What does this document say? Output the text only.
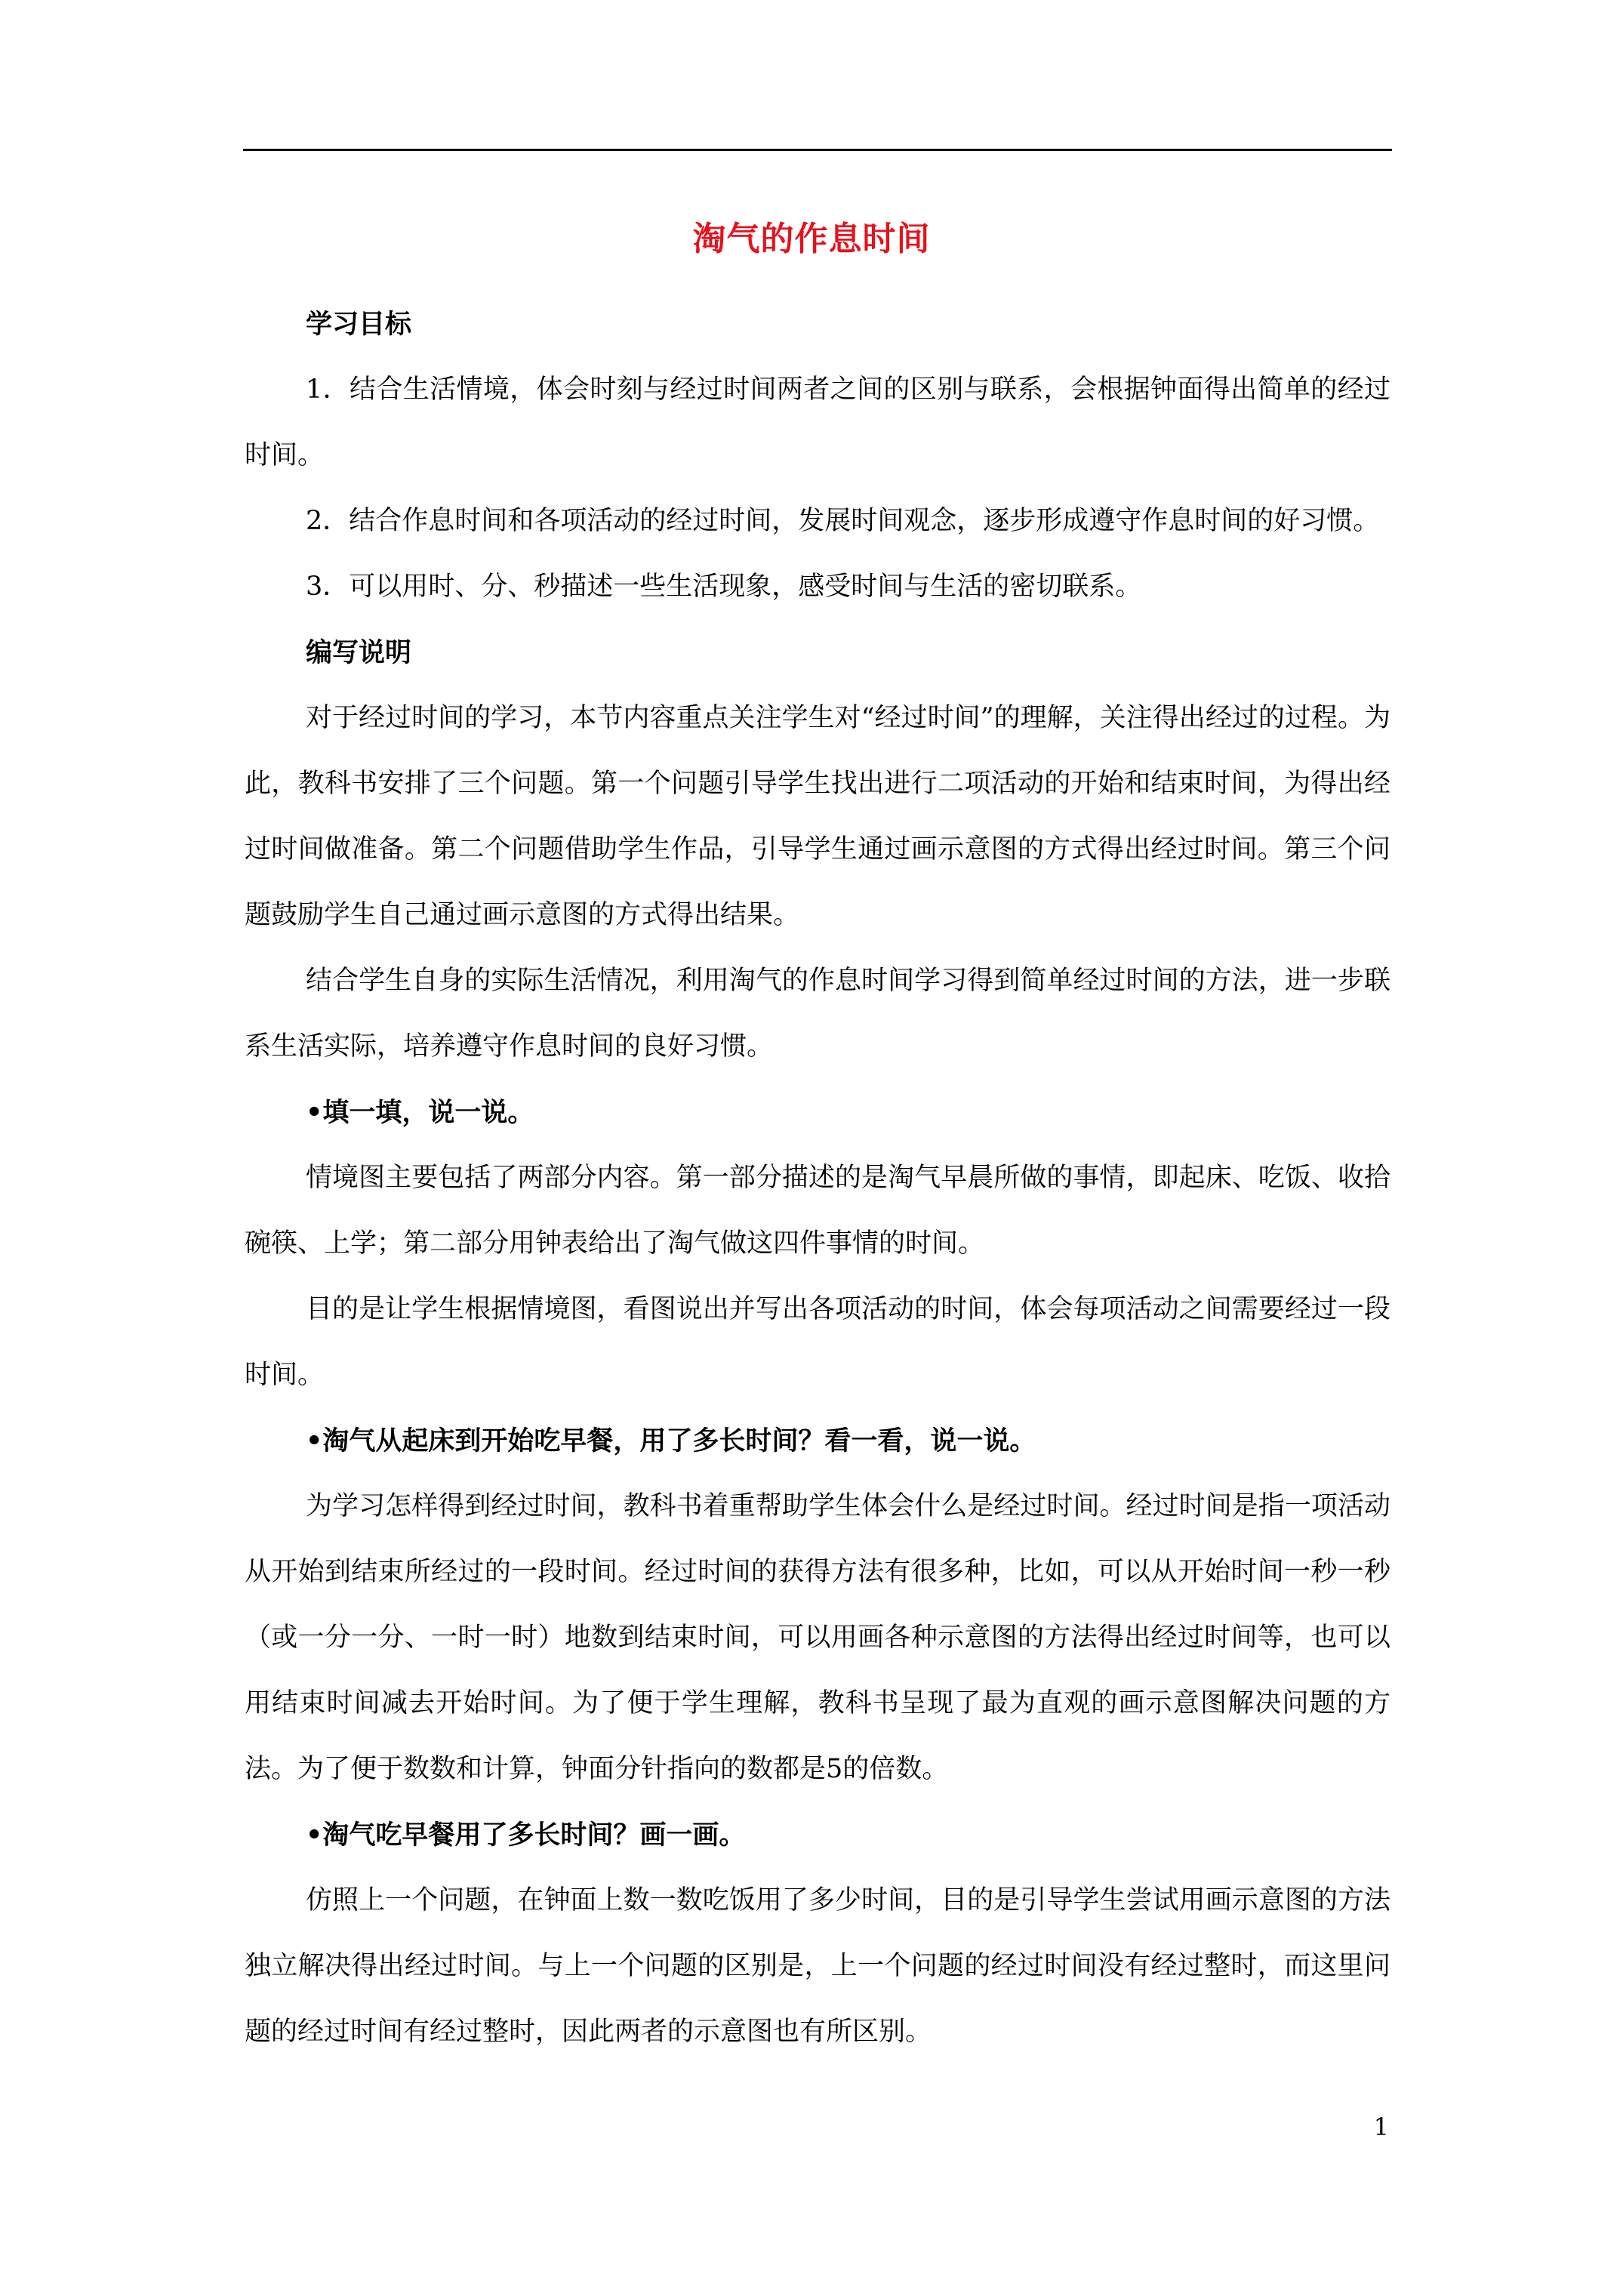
淘气的作息时间

学习目标

1．结合生活情境，体会时刻与经过时间两者之间的区别与联系，会根据钟面得出简单的经过时间。

2．结合作息时间和各项活动的经过时间，发展时间观念，逐步形成遵守作息时间的好习惯。

3．可以用时、分、秒描述一些生活现象，感受时间与生活的密切联系。

编写说明

对于经过时间的学习，本节内容重点关注学生对“经过时间”的理解，关注得出经过的过程。为此，教科书安排了三个问题。第一个问题引导学生找出进行二项活动的开始和结束时间，为得出经过时间做准备。第二个问题借助学生作品，引导学生通过画示意图的方式得出经过时间。第三个问题鼓励学生自己通过画示意图的方式得出结果。

结合学生自身的实际生活情况，利用淘气的作息时间学习得到简单经过时间的方法，进一步联系生活实际，培养遵守作息时间的良好习惯。

•填一填，说一说。

情境图主要包括了两部分内容。第一部分描述的是淘气早晨所做的事情，即起床、吃饭、收拾碗筷、上学；第二部分用钟表给出了淘气做这四件事情的时间。

目的是让学生根据情境图，看图说出并写出各项活动的时间，体会每项活动之间需要经过一段时间。

•淘气从起床到开始吃早餐，用了多长时间？看一看，说一说。

为学习怎样得到经过时间，教科书着重帮助学生体会什么是经过时间。经过时间是指一项活动从开始到结束所经过的一段时间。经过时间的获得方法有很多种，比如，可以从开始时间一秒一秒（或一分一分、一时一时）地数到结束时间，可以用画各种示意图的方法得出经过时间等，也可以用结束时间减去开始时间。为了便于学生理解，教科书呈现了最为直观的画示意图解决问题的方法。为了便于数数和计算，钟面分针指向的数都是5的倍数。

•淘气吃早餐用了多长时间？画一画。

仿照上一个问题，在钟面上数一数吃饭用了多少时间，目的是引导学生尝试用画示意图的方法独立解决得出经过时间。与上一个问题的区别是，上一个问题的经过时间没有经过整时，而这里问题的经过时间有经过整时，因此两者的示意图也有所区别。

1
